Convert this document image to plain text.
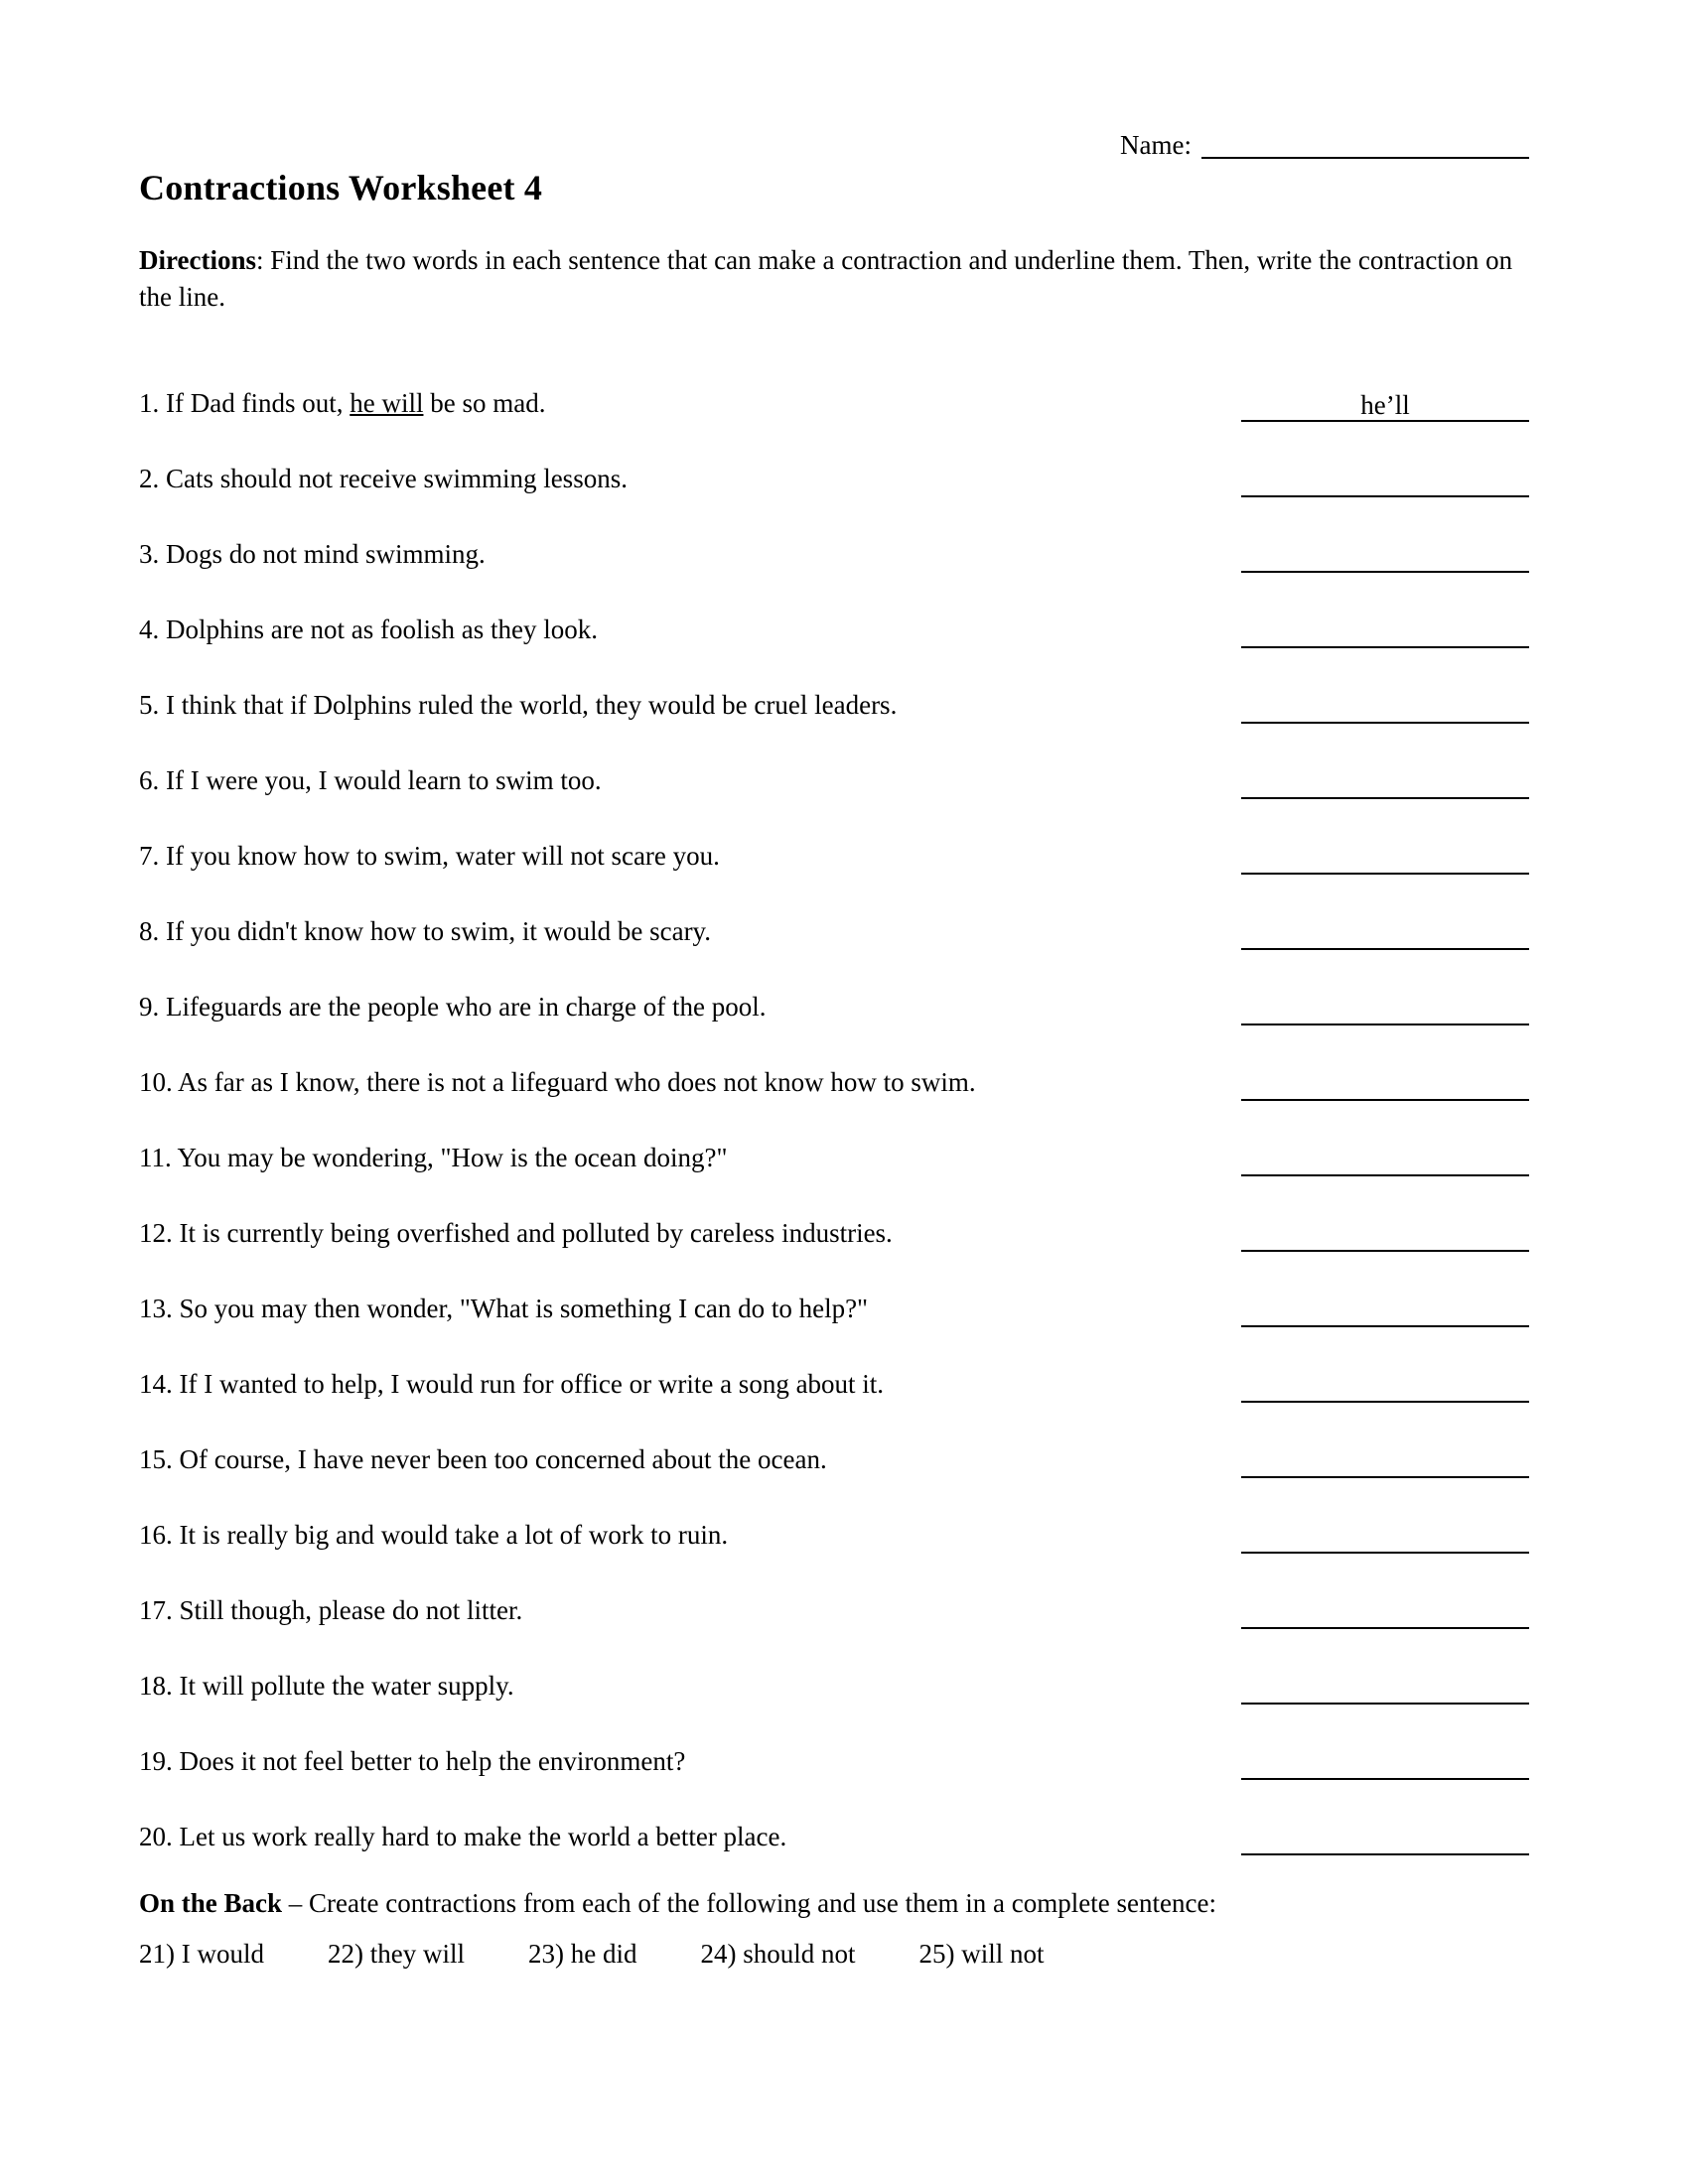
Name:
Contractions Worksheet 4
Directions: Find the two words in each sentence that can make a contraction and underline them. Then, write the contraction on the line.
1. If Dad finds out, he will be so mad.	he’ll
2. Cats should not receive swimming lessons.
3. Dogs do not mind swimming.
4. Dolphins are not as foolish as they look.
5. I think that if Dolphins ruled the world, they would be cruel leaders.
6. If I were you, I would learn to swim too.
7. If you know how to swim, water will not scare you.
8. If you didn't know how to swim, it would be scary.
9. Lifeguards are the people who are in charge of the pool.
10. As far as I know, there is not a lifeguard who does not know how to swim.
11. You may be wondering, "How is the ocean doing?"
12. It is currently being overfished and polluted by careless industries.
13. So you may then wonder, "What is something I can do to help?"
14. If I wanted to help, I would run for office or write a song about it.
15. Of course, I have never been too concerned about the ocean.
16. It is really big and would take a lot of work to ruin.
17. Still though, please do not litter.
18. It will pollute the water supply.
19. Does it not feel better to help the environment?
20. Let us work really hard to make the world a better place.
On the Back – Create contractions from each of the following and use them in a complete sentence:
21) I would 22) they will 23) he did 24) should not 25) will not
